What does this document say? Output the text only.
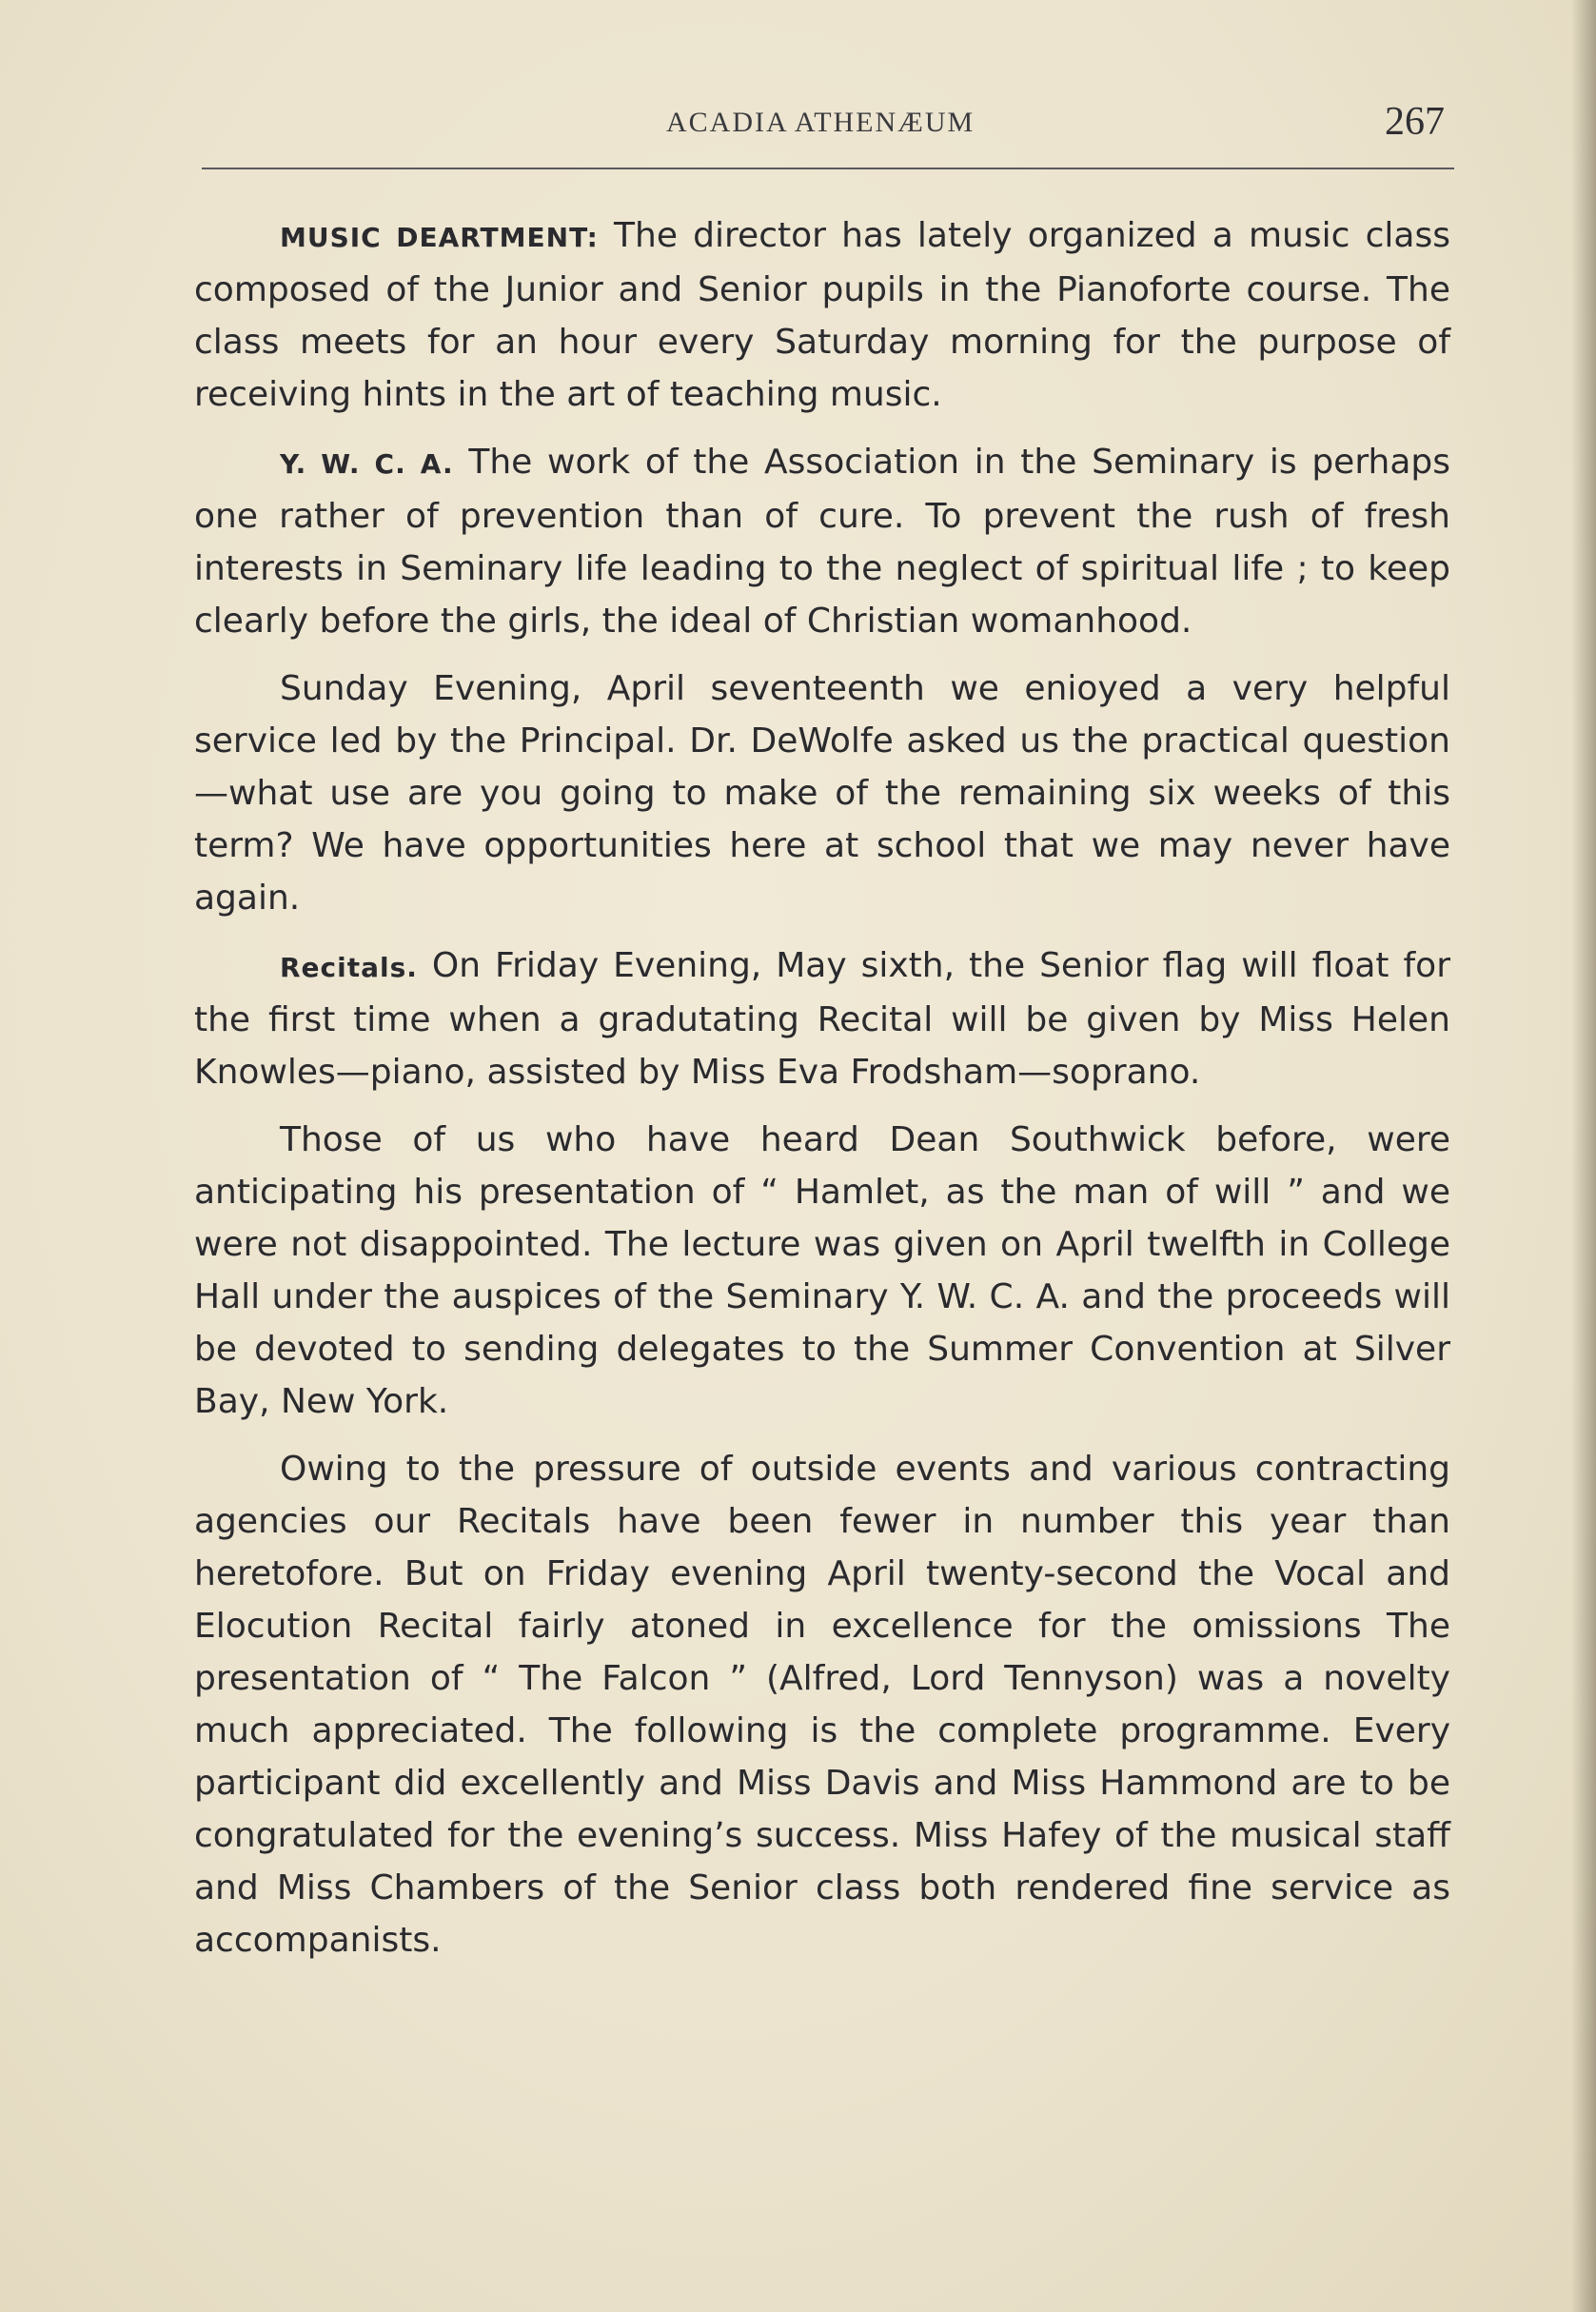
ACADIA ATHENÆUM	267

MUSIC DEARTMENT: The director has lately organized a music class composed of the Junior and Senior pupils in the Pianoforte course. The class meets for an hour every Saturday morning for the purpose of receiving hints in the art of teaching music.

Y. W. C. A. The work of the Association in the Seminary is perhaps one rather of prevention than of cure. To prevent the rush of fresh interests in Seminary life leading to the neglect of spiritual life ; to keep clearly before the girls, the ideal of Christian womanhood.

Sunday Evening, April seventeenth we enioyed a very helpful service led by the Principal. Dr. DeWolfe asked us the practical question—what use are you going to make of the remaining six weeks of this term? We have opportunities here at school that we may never have again.

Recitals. On Friday Evening, May sixth, the Senior flag will float for the first time when a gradutating Recital will be given by Miss Helen Knowles—piano, assisted by Miss Eva Frodsham—soprano.

Those of us who have heard Dean Southwick before, were anticipating his presentation of “ Hamlet, as the man of will ” and we were not disappointed. The lecture was given on April twelfth in College Hall under the auspices of the Seminary Y. W. C. A. and the proceeds will be devoted to sending delegates to the Summer Convention at Silver Bay, New York.

Owing to the pressure of outside events and various contracting agencies our Recitals have been fewer in number this year than heretofore. But on Friday evening April twenty-second the Vocal and Elocution Recital fairly atoned in excellence for the omissions The presentation of “ The Falcon ” (Alfred, Lord Tennyson) was a novelty much appreciated. The following is the complete programme. Every participant did excellently and Miss Davis and Miss Hammond are to be congratulated for the evening’s success. Miss Hafey of the musical staff and Miss Chambers of the Senior class both rendered fine service as accompanists.
